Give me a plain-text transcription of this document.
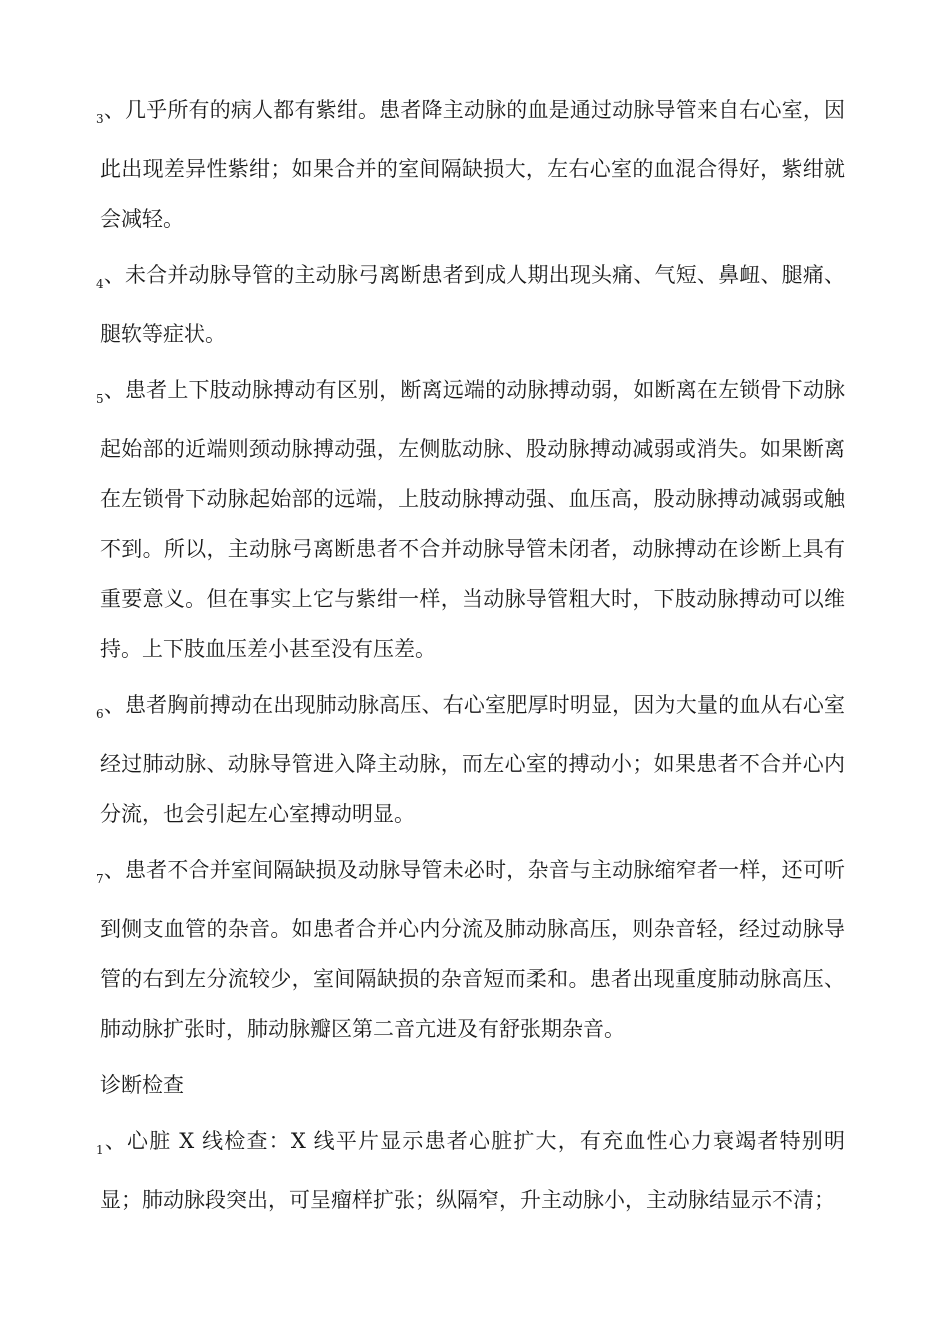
3、几乎所有的病人都有紫绀。患者降主动脉的血是通过动脉导管来自右心室，因此出现差异性紫绀；如果合并的室间隔缺损大，左右心室的血混合得好，紫绀就会减轻。

4、未合并动脉导管的主动脉弓离断患者到成人期出现头痛、气短、鼻衄、腿痛、腿软等症状。

5、患者上下肢动脉搏动有区别，断离远端的动脉搏动弱，如断离在左锁骨下动脉起始部的近端则颈动脉搏动强，左侧肱动脉、股动脉搏动减弱或消失。如果断离在左锁骨下动脉起始部的远端，上肢动脉搏动强、血压高，股动脉搏动减弱或触不到。所以，主动脉弓离断患者不合并动脉导管未闭者，动脉搏动在诊断上具有重要意义。但在事实上它与紫绀一样，当动脉导管粗大时，下肢动脉搏动可以维持。上下肢血压差小甚至没有压差。

6、患者胸前搏动在出现肺动脉高压、右心室肥厚时明显，因为大量的血从右心室经过肺动脉、动脉导管进入降主动脉，而左心室的搏动小；如果患者不合并心内分流，也会引起左心室搏动明显。

7、患者不合并室间隔缺损及动脉导管未必时，杂音与主动脉缩窄者一样，还可听到侧支血管的杂音。如患者合并心内分流及肺动脉高压，则杂音轻，经过动脉导管的右到左分流较少，室间隔缺损的杂音短而柔和。患者出现重度肺动脉高压、肺动脉扩张时，肺动脉瓣区第二音亢进及有舒张期杂音。

诊断检查

1、心脏 X 线检查：X 线平片显示患者心脏扩大，有充血性心力衰竭者特别明显；肺动脉段突出，可呈瘤样扩张；纵隔窄，升主动脉小，主动脉结显示不清；
